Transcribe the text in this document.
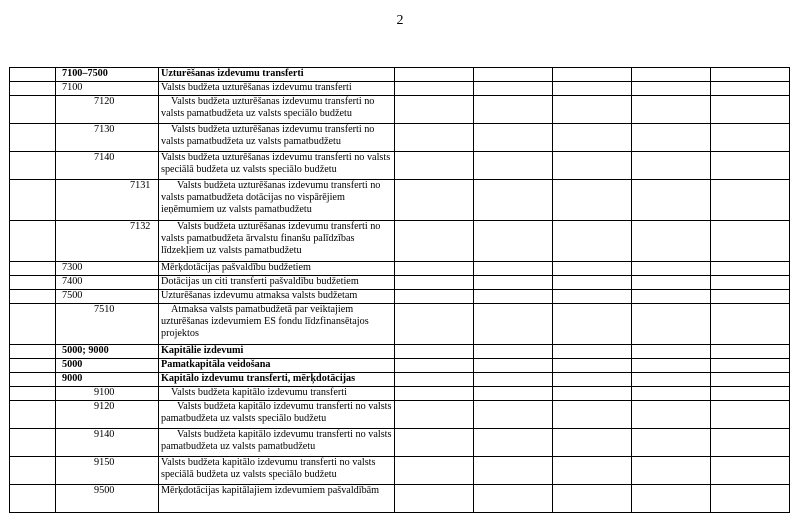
2

	7100–7500	Uzturēšanas izdevumu transferti					

	7100	Valsts budžeta uzturēšanas izdevumu transferti					

	7120	Valsts budžeta uzturēšanas izdevumu transferti no valsts pamatbudžeta uz valsts speciālo budžetu					

	7130	Valsts budžeta uzturēšanas izdevumu transferti no valsts pamatbudžeta uz valsts pamatbudžetu					

	7140	Valsts budžeta uzturēšanas izdevumu transferti no valsts speciālā budžeta uz valsts speciālo budžetu					

	7131	Valsts budžeta uzturēšanas izdevumu transferti no valsts pamatbudžeta dotācijas no vispārējiem ieņēmumiem uz valsts pamatbudžetu					

	7132	Valsts budžeta uzturēšanas izdevumu transferti no valsts pamatbudžeta ārvalstu finanšu palīdzības līdzekļiem uz valsts pamatbudžetu					

	7300	Mērķdotācijas pašvaldību budžetiem					

	7400	Dotācijas un citi transferti pašvaldību budžetiem					

	7500	Uzturēšanas izdevumu atmaksa valsts budžetam					

	7510	Atmaksa valsts pamatbudžetā par veiktajiem uzturēšanas izdevumiem ES fondu līdzfinansētajos projektos					

	5000; 9000	Kapitālie izdevumi					

	5000	Pamatkapitāla veidošana					

	9000	Kapitālo izdevumu transferti, mērķdotācijas					

	9100	Valsts budžeta kapitālo izdevumu transferti					

	9120	Valsts budžeta kapitālo izdevumu transferti no valsts pamatbudžeta uz valsts speciālo budžetu					

	9140	Valsts budžeta kapitālo izdevumu transferti no valsts pamatbudžeta uz valsts pamatbudžetu					

	9150	Valsts budžeta kapitālo izdevumu transferti no valsts speciālā budžeta uz valsts speciālo budžetu					

	9500	Mērķdotācijas kapitālajiem izdevumiem pašvaldībām					
